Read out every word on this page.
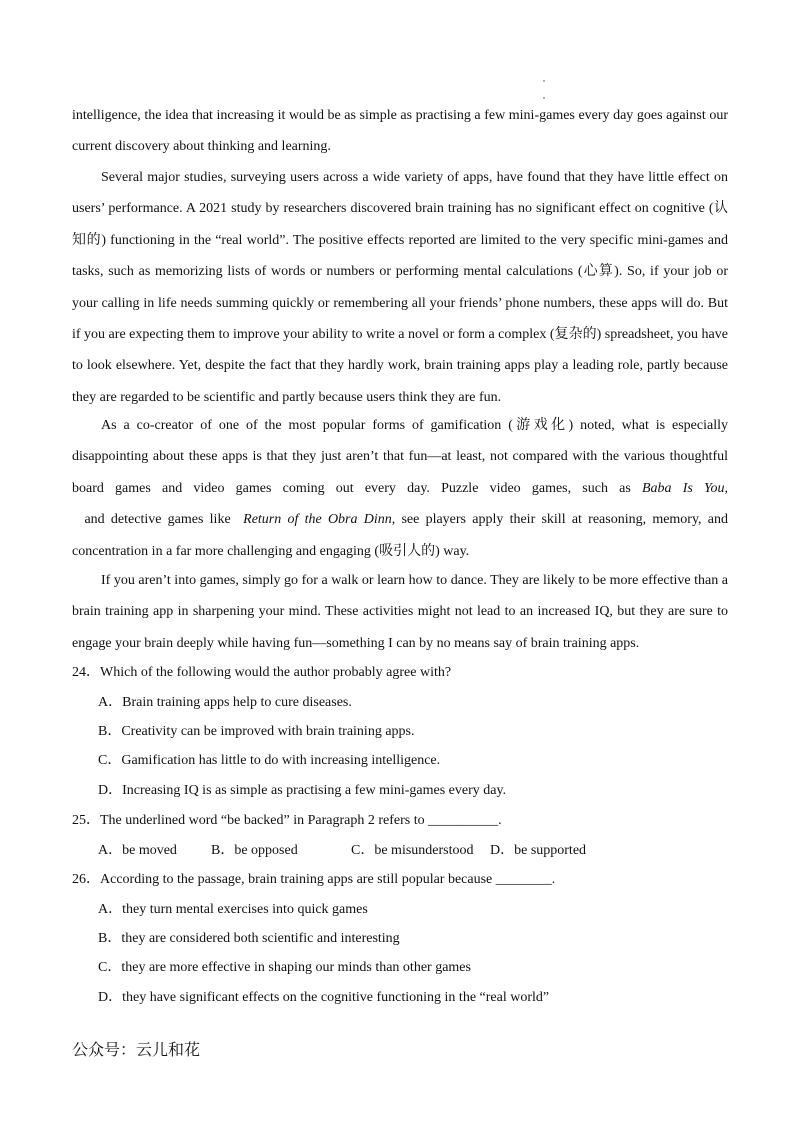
intelligence, the idea that increasing it would be as simple as practising a few mini-games every day goes against our current discovery about thinking and learning.

Several major studies, surveying users across a wide variety of apps, have found that they have little effect on users’ performance. A 2021 study by researchers discovered brain training has no significant effect on cognitive (认知的) functioning in the “real world”. The positive effects reported are limited to the very specific mini-games and tasks, such as memorizing lists of words or numbers or performing mental calculations (心算). So, if your job or your calling in life needs summing quickly or remembering all your friends’ phone numbers, these apps will do. But if you are expecting them to improve your ability to write a novel or form a complex (复杂的) spreadsheet, you have to look elsewhere. Yet, despite the fact that they hardly work, brain training apps play a leading role, partly because they are regarded to be scientific and partly because users think they are fun.

As a co-creator of one of the most popular forms of gamification (游戏化) noted, what is especially disappointing about these apps is that they just aren’t that fun—at least, not compared with the various thoughtful board games and video games coming out every day. Puzzle video games, such as Baba Is You,  and detective games like  Return of the Obra Dinn, see players apply their skill at reasoning, memory, and concentration in a far more challenging and engaging (吸引人的) way.

If you aren’t into games, simply go for a walk or learn how to dance. They are likely to be more effective than a brain training app in sharpening your mind. These activities might not lead to an increased IQ, but they are sure to engage your brain deeply while having fun—something I can by no means say of brain training apps.

24．Which of the following would the author probably agree with?

A．Brain training apps help to cure diseases.

B．Creativity can be improved with brain training apps.

C．Gamification has little to do with increasing intelligence.

D．Increasing IQ is as simple as practising a few mini-games every day.

25．The underlined word “be backed” in Paragraph 2 refers to __________.

A．be moved B．be opposed	C．be misunderstood D．be supported

26．According to the passage, brain training apps are still popular because ________.

A．they turn mental exercises into quick games

B．they are considered both scientific and interesting

C．they are more effective in shaping our minds than other games

D．they have significant effects on the cognitive functioning in the “real world”

公众号：云儿和花
